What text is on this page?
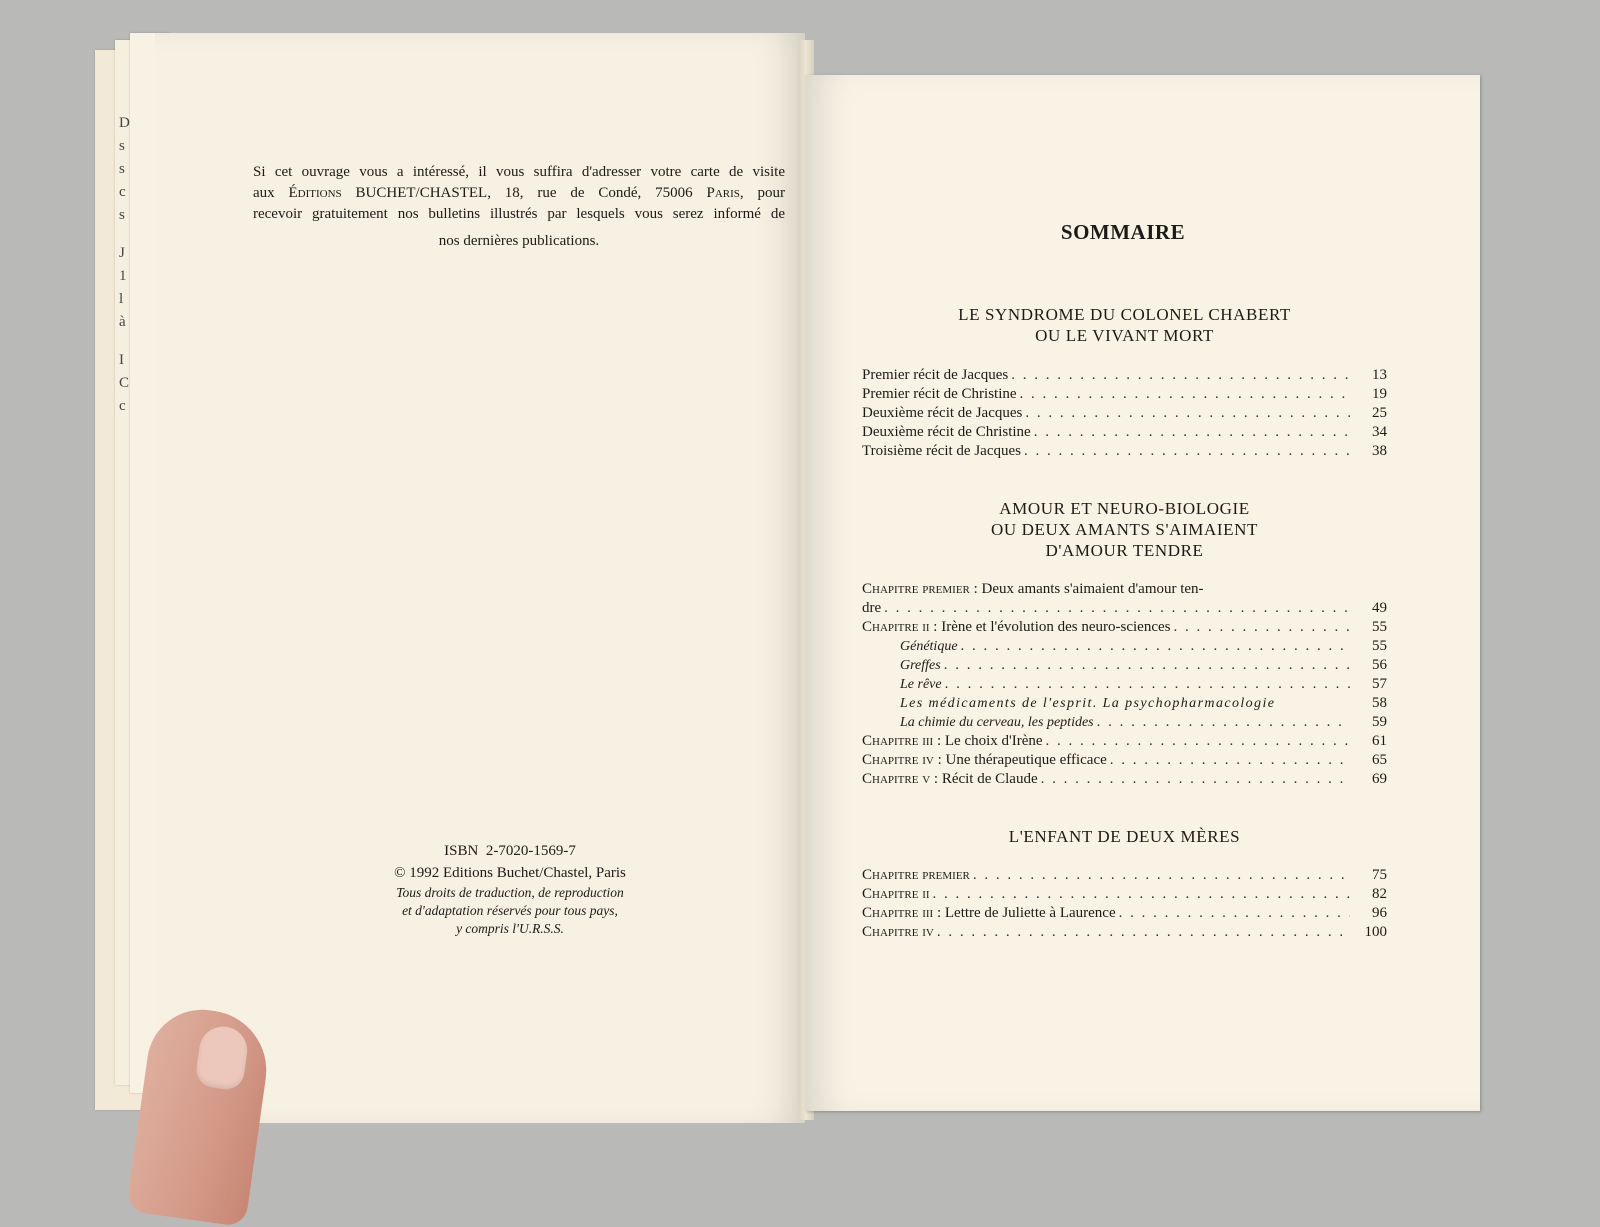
D
s
s
c
s
J
1
l
à
I
C
c
Si cet ouvrage vous a intéressé, il vous suffira d'adresser votre carte de visite
aux Éditions BUCHET/CHASTEL, 18, rue de Condé, 75006 Paris, pour
recevoir gratuitement nos bulletins illustrés par lesquels vous serez informé de
nos dernières publications.
ISBN  2-7020-1569-7
© 1992 Editions Buchet/Chastel, Paris
Tous droits de traduction, de reproduction
et d'adaptation réservés pour tous pays,
y compris l'U.R.S.S.
SOMMAIRE
LE SYNDROME DU COLONEL CHABERT
OU LE VIVANT MORT
Premier récit de Jacques . . .	13
Premier récit de Christine . . .	19
Deuxième récit de Jacques . . .	25
Deuxième récit de Christine . . .	34
Troisième récit de Jacques . . .	38
AMOUR ET NEURO-BIOLOGIE
OU DEUX AMANTS S'AIMAIENT
D'AMOUR TENDRE
Chapitre premier : Deux amants s'aimaient d'amour ten-
dre . . .	49
Chapitre ii : Irène et l'évolution des neuro-sciences . . .	55
Génétique . . .	55
Greffes . . .	56
Le rêve . . .	57
Les médicaments de l'esprit. La psychopharmacologie	58
La chimie du cerveau, les peptides . . .	59
Chapitre iii : Le choix d'Irène . . .	61
Chapitre iv : Une thérapeutique efficace . . .	65
Chapitre v : Récit de Claude . . .	69
L'ENFANT DE DEUX MÈRES
Chapitre premier . . .	75
Chapitre ii . . .	82
Chapitre iii : Lettre de Juliette à Laurence . . .	96
Chapitre iv . . .	100
